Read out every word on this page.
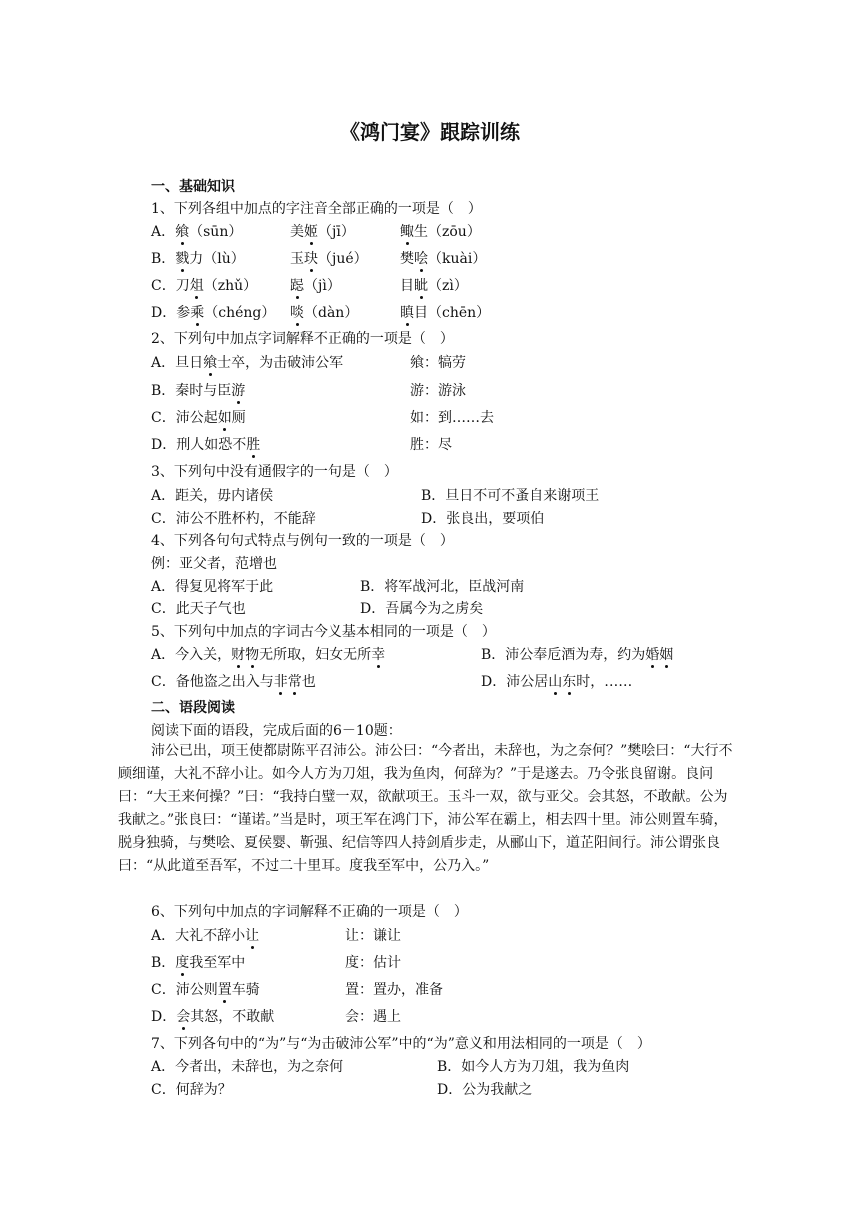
《鸿门宴》跟踪训练
一、基础知识
1、下列各组中加点的字注音全部正确的一项是（　）
A．飨（sūn）	美姬（jī）	鲰生（zōu）
B．戮力（lù）	玉玦（jué） 樊哙（kuài）
C．刀俎（zhǔ） 跽（jì）	目眦（zì）
D．参乘（chéng） 啖（dàn）	瞋目（chēn）
2、下列句中加点字词解释不正确的一项是（　）
A．旦日飨士卒，为击破沛公军	飨：犒劳
B．秦时与臣游	游：游泳
C．沛公起如厕	如：到……去
D．刑人如恐不胜	胜：尽
3、下列句中没有通假字的一句是（　）
A．距关，毋内诸侯	B．旦日不可不蚤自来谢项王
C．沛公不胜杯杓，不能辞	D．张良出，要项伯
4、下列各句句式特点与例句一致的一项是（　）
例：亚父者，范增也
A．得复见将军于此	B．将军战河北，臣战河南
C．此天子气也	D．吾属今为之虏矣
5、下列句中加点的字词古今义基本相同的一项是（　）
A．今入关，财物无所取，妇女无所幸	B．沛公奉卮酒为寿，约为婚姻
C．备他盗之出入与非常也	D．沛公居山东时，……
二、语段阅读
阅读下面的语段，完成后面的6－10题：
沛公已出，项王使都尉陈平召沛公。沛公曰：“今者出，未辞也，为之奈何？”樊哙曰：“大行不顾细谨，大礼不辞小让。如今人方为刀俎，我为鱼肉，何辞为？”于是遂去。乃令张良留谢。良问曰：“大王来何操？”曰：“我持白璧一双，欲献项王。玉斗一双，欲与亚父。会其怒，不敢献。公为我献之。”张良曰：“谨诺。”当是时，项王军在鸿门下，沛公军在霸上，相去四十里。沛公则置车骑，脱身独骑，与樊哙、夏侯婴、靳强、纪信等四人持剑盾步走，从郦山下，道芷阳间行。沛公谓张良曰：“从此道至吾军，不过二十里耳。度我至军中，公乃入。”
6、下列句中加点的字词解释不正确的一项是（　）
A．大礼不辞小让	让：谦让
B．度我至军中	度：估计
C．沛公则置车骑	置：置办，准备
D．会其怒，不敢献	会：遇上
7、下列各句中的“为”与“为击破沛公军”中的“为”意义和用法相同的一项是（　）
A．今者出，未辞也，为之奈何	B．如今人方为刀俎，我为鱼肉
C．何辞为？	D．公为我献之
